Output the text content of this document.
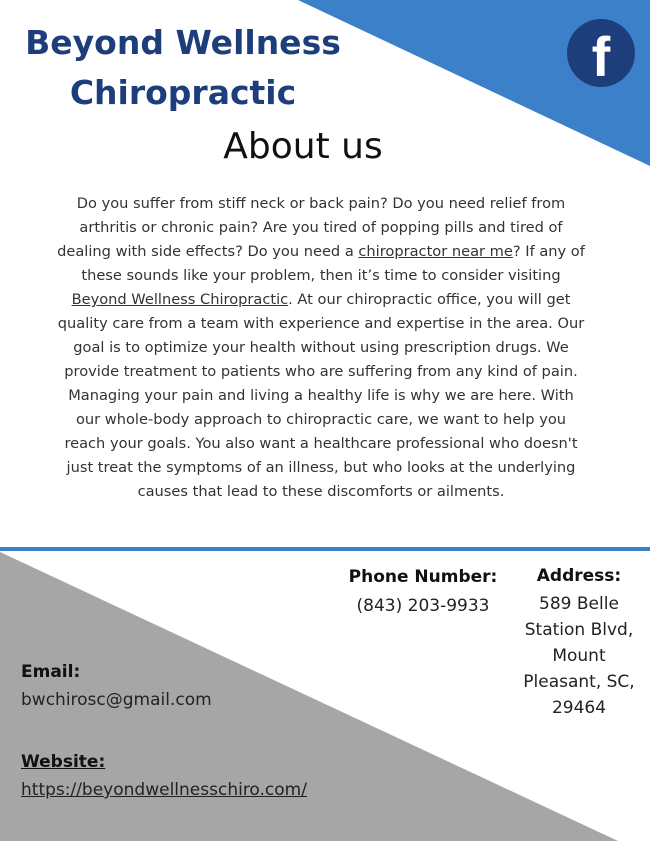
Beyond Wellness Chiropractic
f
About us

Do you suffer from stiff neck or back pain? Do you need relief from arthritis or chronic pain? Are you tired of popping pills and tired of dealing with side effects? Do you need a chiropractor near me? If any of these sounds like your problem, then it’s time to consider visiting Beyond Wellness Chiropractic. At our chiropractic office, you will get quality care from a team with experience and expertise in the area. Our goal is to optimize your health without using prescription drugs. We provide treatment to patients who are suffering from any kind of pain. Managing your pain and living a healthy life is why we are here. With our whole-body approach to chiropractic care, we want to help you reach your goals. You also want a healthcare professional who doesn't just treat the symptoms of an illness, but who looks at the underlying causes that lead to these discomforts or ailments.

Phone Number:
(843) 203-9933
Address:
589 Belle Station Blvd, Mount Pleasant, SC, 29464
Email:
bwchirosc@gmail.com
Website:
https://beyondwellnesschiro.com/
